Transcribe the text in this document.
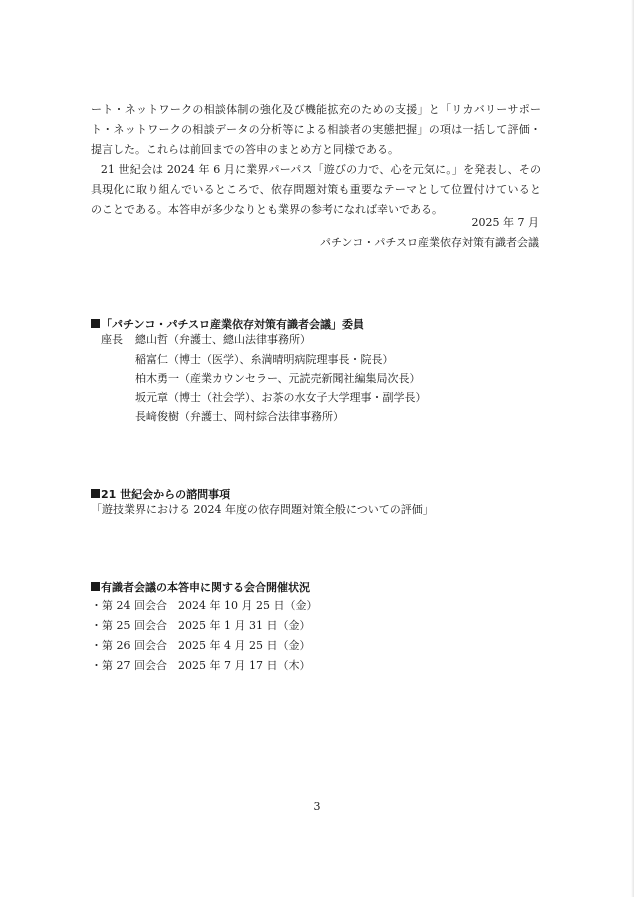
ート・ネットワークの相談体制の強化及び機能拡充のための支援」と「リカバリーサポート・ネットワークの相談データの分析等による相談者の実態把握」の項は一括して評価・提言した。これらは前回までの答申のまとめ方と同様である。

21 世紀会は 2024 年 6 月に業界パーパス「遊びの力で、心を元気に。」を発表し、その具現化に取り組んでいるところで、依存問題対策も重要なテーマとして位置付けているとのことである。本答申が多少なりとも業界の参考になれば幸いである。

2025 年 7 月
パチンコ・パチスロ産業依存対策有識者会議
「パチンコ・パチスロ産業依存対策有識者会議」委員
座長 總山哲（弁護士、總山法律事務所）
稲富仁（博士（医学）、糸満晴明病院理事長・院長）
柏木勇一（産業カウンセラー、元読売新聞社編集局次長）
坂元章（博士（社会学）、お茶の水女子大学理事・副学長）
長﨑俊樹（弁護士、岡村綜合法律事務所）
21 世紀会からの諮問事項
「遊技業界における 2024 年度の依存問題対策全般についての評価」
有識者会議の本答申に関する会合開催状況
・第 24 回会合　2024 年 10 月 25 日（金）
・第 25 回会合　2025 年 1 月 31 日（金）
・第 26 回会合　2025 年 4 月 25 日（金）
・第 27 回会合　2025 年 7 月 17 日（木）
3
